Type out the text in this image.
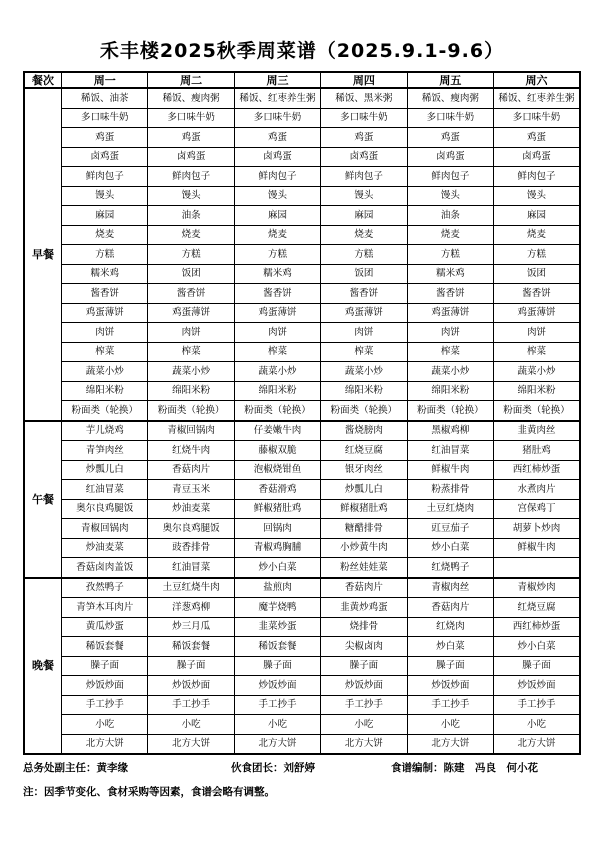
禾丰楼2025秋季周菜谱（2025.9.1-9.6）
餐次	周一	周二	周三	周四	周五	周六
早餐	稀饭、油茶	稀饭、瘦肉粥	稀饭、红枣养生粥	稀饭、黑米粥	稀饭、瘦肉粥	稀饭、红枣养生粥
	多口味牛奶	多口味牛奶	多口味牛奶	多口味牛奶	多口味牛奶	多口味牛奶
	鸡蛋	鸡蛋	鸡蛋	鸡蛋	鸡蛋	鸡蛋
	卤鸡蛋	卤鸡蛋	卤鸡蛋	卤鸡蛋	卤鸡蛋	卤鸡蛋
	鲜肉包子	鲜肉包子	鲜肉包子	鲜肉包子	鲜肉包子	鲜肉包子
	馒头	馒头	馒头	馒头	馒头	馒头
	麻园	油条	麻园	麻园	油条	麻园
	烧麦	烧麦	烧麦	烧麦	烧麦	烧麦
	方糕	方糕	方糕	方糕	方糕	方糕
	糯米鸡	饭团	糯米鸡	饭团	糯米鸡	饭团
	酱香饼	酱香饼	酱香饼	酱香饼	酱香饼	酱香饼
	鸡蛋薄饼	鸡蛋薄饼	鸡蛋薄饼	鸡蛋薄饼	鸡蛋薄饼	鸡蛋薄饼
	肉饼	肉饼	肉饼	肉饼	肉饼	肉饼
	榨菜	榨菜	榨菜	榨菜	榨菜	榨菜
	蔬菜小炒	蔬菜小炒	蔬菜小炒	蔬菜小炒	蔬菜小炒	蔬菜小炒
	绵阳米粉	绵阳米粉	绵阳米粉	绵阳米粉	绵阳米粉	绵阳米粉
	粉面类（轮换）	粉面类（轮换）	粉面类（轮换）	粉面类（轮换）	粉面类（轮换）	粉面类（轮换）
午餐	芋儿烧鸡	青椒回锅肉	仔姜嫩牛肉	酱烧膀肉	黑椒鸡柳	韭黄肉丝
	青笋肉丝	红烧牛肉	藤椒双脆	红烧豆腐	红油冒菜	猪肚鸡
	炒瓢儿白	香菇肉片	泡椒烧钳鱼	银牙肉丝	鲜椒牛肉	西红柿炒蛋
	红油冒菜	青豆玉米	香菇滑鸡	炒瓢儿白	粉蒸排骨	水煮肉片
	奥尔良鸡腿饭	炒油麦菜	鲜椒猪肚鸡	鲜椒猪肚鸡	土豆红烧肉	宫保鸡丁
	青椒回锅肉	奥尔良鸡腿饭	回锅肉	糖醋排骨	豇豆茄子	胡萝卜炒肉
	炒油麦菜	豉香排骨	青椒鸡胸脯	小炒黄牛肉	炒小白菜	鲜椒牛肉
	香菇卤肉盖饭	红油冒菜	炒小白菜	粉丝娃娃菜	红烧鸭子	
晚餐	孜然鸭子	土豆红烧牛肉	盐煎肉	香菇肉片	青椒肉丝	青椒炒肉
	青笋木耳肉片	洋葱鸡柳	魔芋烧鸭	韭黄炒鸡蛋	香菇肉片	红烧豆腐
	黄瓜炒蛋	炒三月瓜	韭菜炒蛋	烧排骨	红烧肉	西红柿炒蛋
	稀饭套餐	稀饭套餐	稀饭套餐	尖椒卤肉	炒白菜	炒小白菜
	臊子面	臊子面	臊子面	臊子面	臊子面	臊子面
	炒饭炒面	炒饭炒面	炒饭炒面	炒饭炒面	炒饭炒面	炒饭炒面
	手工抄手	手工抄手	手工抄手	手工抄手	手工抄手	手工抄手
	小吃	小吃	小吃	小吃	小吃	小吃
	北方大饼	北方大饼	北方大饼	北方大饼	北方大饼	北方大饼
总务处副主任：黄李缘	伙食团长：刘舒婷	食谱编制：陈建　冯良　何小花
注：因季节变化、食材采购等因素，食谱会略有调整。
